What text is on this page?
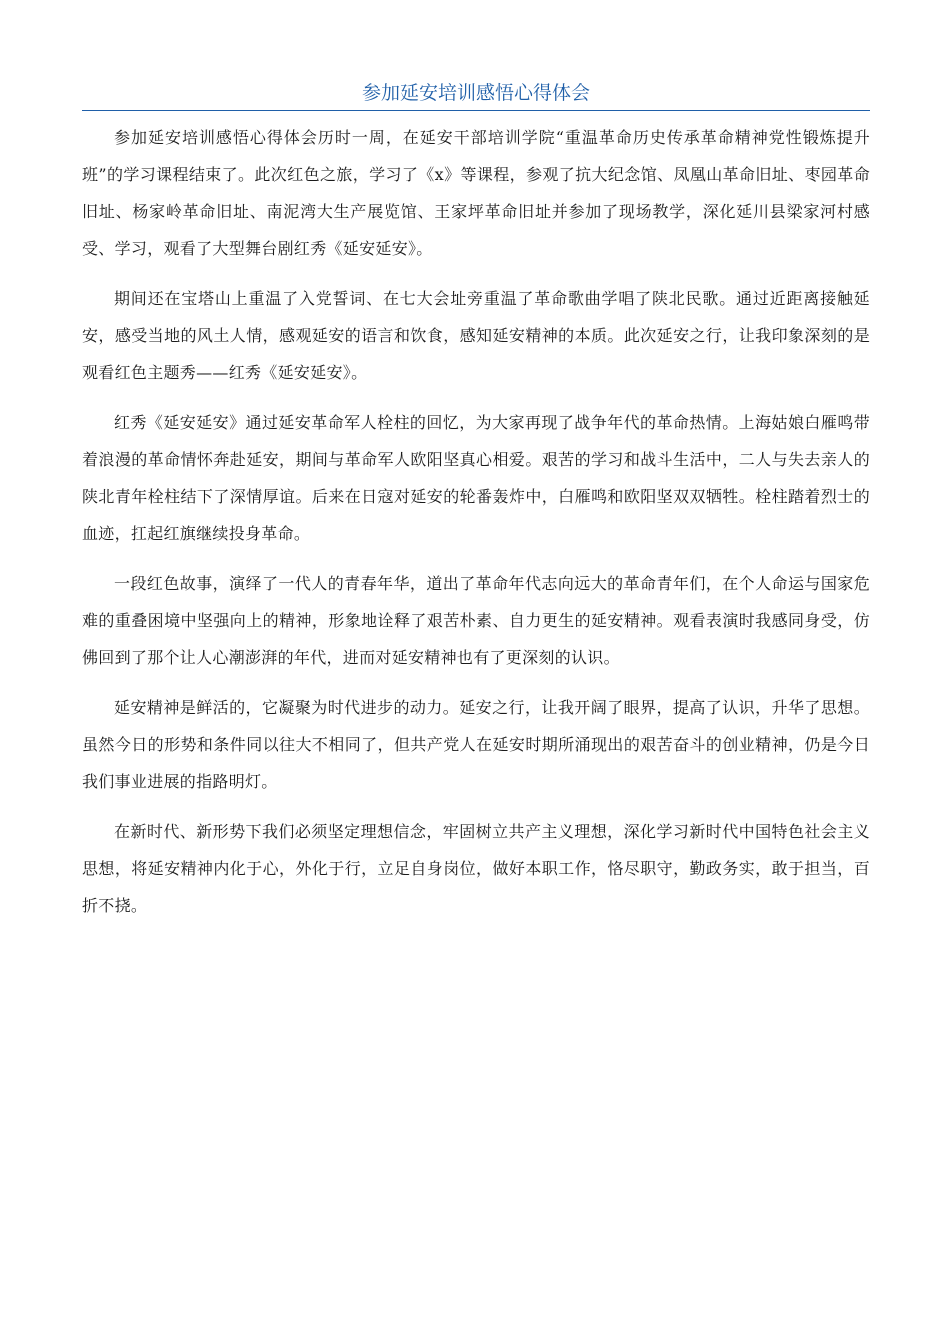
参加延安培训感悟心得体会

参加延安培训感悟心得体会历时一周，在延安干部培训学院“重温革命历史传承革命精神党性锻炼提升班”的学习课程结束了。此次红色之旅，学习了《x》等课程，参观了抗大纪念馆、凤凰山革命旧址、枣园革命旧址、杨家岭革命旧址、南泥湾大生产展览馆、王家坪革命旧址并参加了现场教学，深化延川县梁家河村感受、学习，观看了大型舞台剧红秀《延安延安》。

期间还在宝塔山上重温了入党誓词、在七大会址旁重温了革命歌曲学唱了陕北民歌。通过近距离接触延安，感受当地的风土人情，感观延安的语言和饮食，感知延安精神的本质。此次延安之行，让我印象深刻的是观看红色主题秀——红秀《延安延安》。

红秀《延安延安》通过延安革命军人栓柱的回忆，为大家再现了战争年代的革命热情。上海姑娘白雁鸣带着浪漫的革命情怀奔赴延安，期间与革命军人欧阳坚真心相爱。艰苦的学习和战斗生活中，二人与失去亲人的陕北青年栓柱结下了深情厚谊。后来在日寇对延安的轮番轰炸中，白雁鸣和欧阳坚双双牺牲。栓柱踏着烈士的血迹，扛起红旗继续投身革命。

一段红色故事，演绎了一代人的青春年华，道出了革命年代志向远大的革命青年们，在个人命运与国家危难的重叠困境中坚强向上的精神，形象地诠释了艰苦朴素、自力更生的延安精神。观看表演时我感同身受，仿佛回到了那个让人心潮澎湃的年代，进而对延安精神也有了更深刻的认识。

延安精神是鲜活的，它凝聚为时代进步的动力。延安之行，让我开阔了眼界，提高了认识，升华了思想。虽然今日的形势和条件同以往大不相同了，但共产党人在延安时期所涌现出的艰苦奋斗的创业精神，仍是今日我们事业进展的指路明灯。

在新时代、新形势下我们必须坚定理想信念，牢固树立共产主义理想，深化学习新时代中国特色社会主义思想，将延安精神内化于心，外化于行，立足自身岗位，做好本职工作，恪尽职守，勤政务实，敢于担当，百折不挠。
